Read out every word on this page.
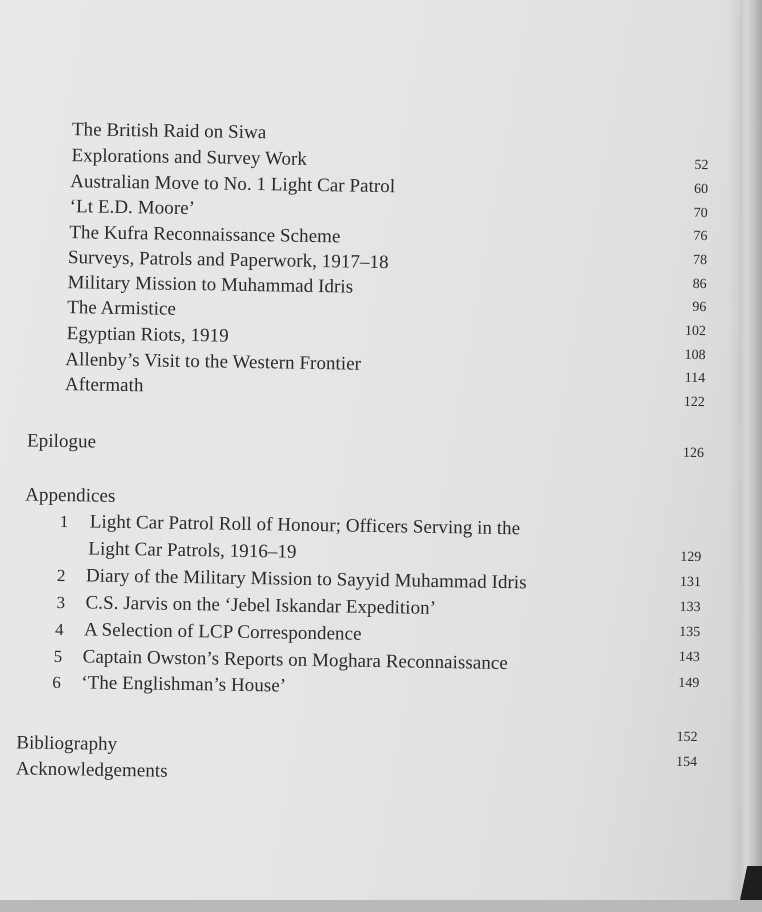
The British Raid on Siwa
Explorations and Survey Work
Australian Move to No. 1 Light Car Patrol
‘Lt E.D. Moore’
The Kufra Reconnaissance Scheme
Surveys, Patrols and Paperwork, 1917–18
Military Mission to Muhammad Idris
The Armistice
Egyptian Riots, 1919
Allenby’s Visit to the Western Frontier
Aftermath
52
60
70
76
78
86
96
102
108
114
122
Epilogue
126
Appendices
1 Light Car Patrol Roll of Honour; Officers Serving in the
Light Car Patrols, 1916–19
2 Diary of the Military Mission to Sayyid Muhammad Idris
3 C.S. Jarvis on the ‘Jebel Iskandar Expedition’
4 A Selection of LCP Correspondence
5 Captain Owston’s Reports on Moghara Reconnaissance
6 ‘The Englishman’s House’
129
131
133
135
143
149
Bibliography
Acknowledgements
152
154
